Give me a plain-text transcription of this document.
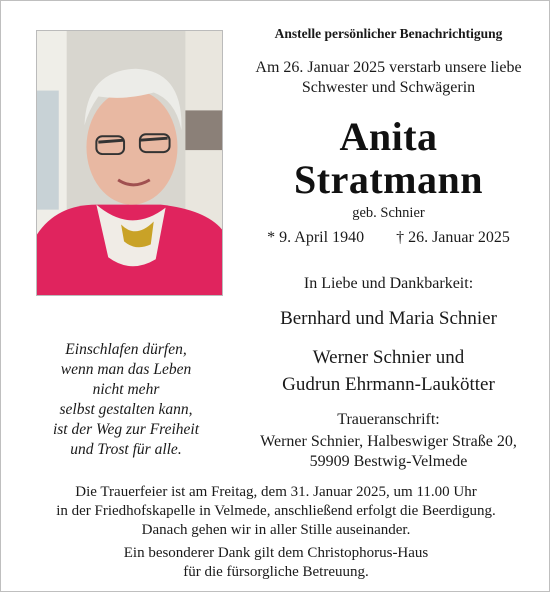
Anstelle persönlicher Benachrichtigung
Am 26. Januar 2025 verstarb unsere liebe
Schwester und Schwägerin
Anita
Stratmann
geb. Schnier
* 9. April 1940 † 26. Januar 2025
In Liebe und Dankbarkeit:
Bernhard und Maria Schnier
Werner Schnier und
Gudrun Ehrmann-Laukötter
Einschlafen dürfen,
wenn man das Leben
nicht mehr
selbst gestalten kann,
ist der Weg zur Freiheit
und Trost für alle.
Traueranschrift:
Werner Schnier, Halbeswiger Straße 20,
59909 Bestwig-Velmede
Die Trauerfeier ist am Freitag, dem 31. Januar 2025, um 11.00 Uhr
in der Friedhofskapelle in Velmede, anschließend erfolgt die Beerdigung.
Danach gehen wir in aller Stille auseinander.
Ein besonderer Dank gilt dem Christophorus-Haus
für die fürsorgliche Betreuung.
